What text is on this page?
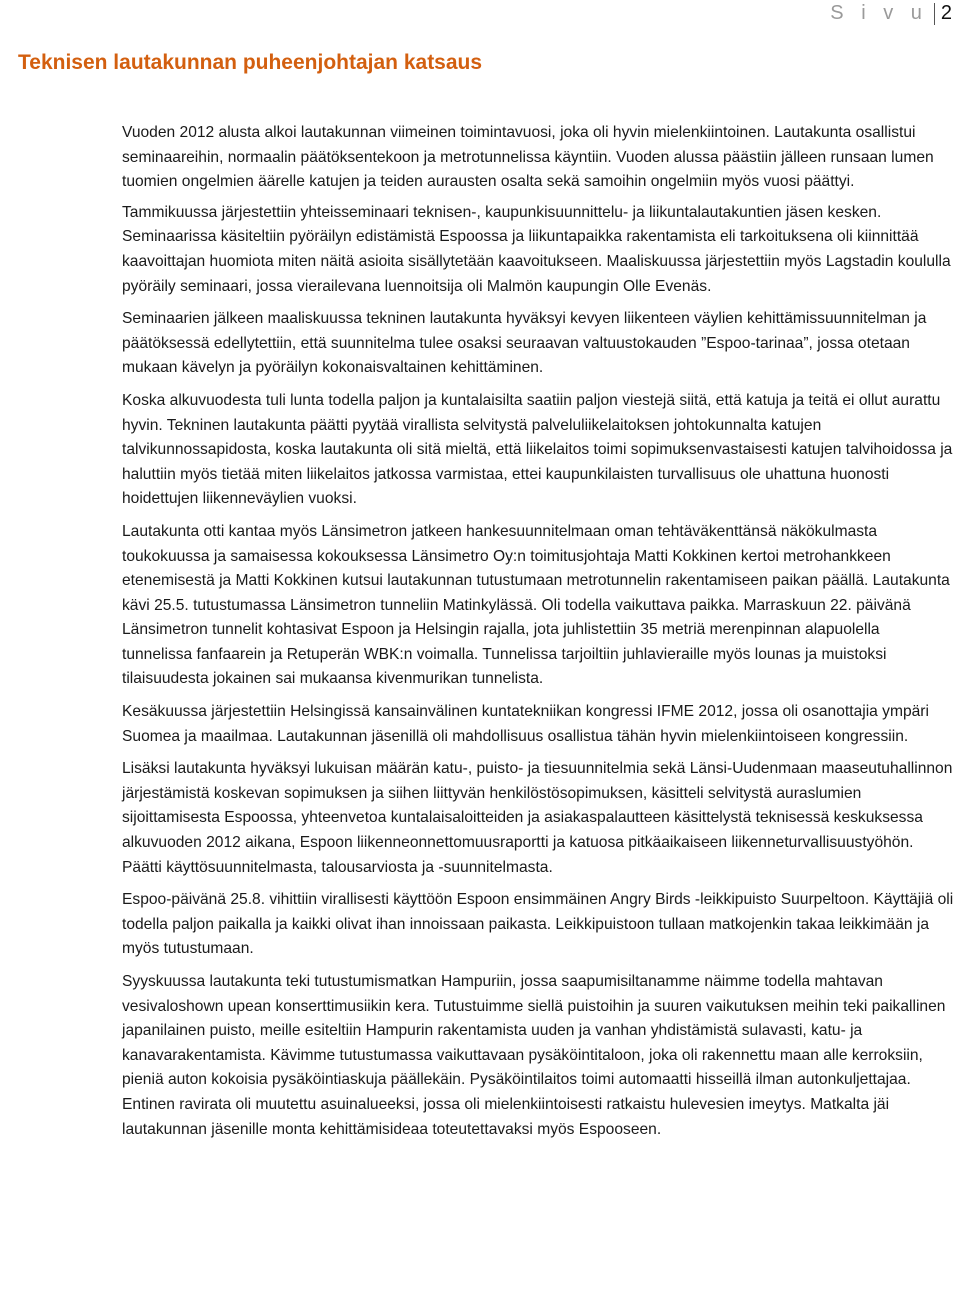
S i v u 2
Teknisen lautakunnan puheenjohtajan katsaus

Vuoden 2012 alusta alkoi lautakunnan viimeinen toimintavuosi, joka oli hyvin mielenkiintoinen. Lautakunta osallistui seminaareihin, normaalin päätöksentekoon ja metrotunnelissa käyntiin. Vuoden alussa päästiin jälleen runsaan lumen tuomien ongelmien äärelle katujen ja teiden aurausten osalta sekä samoihin ongelmiin myös vuosi päättyi.

Tammikuussa järjestettiin yhteisseminaari teknisen-, kaupunkisuunnittelu- ja liikuntalautakuntien jäsen kesken. Seminaarissa käsiteltiin pyöräilyn edistämistä Espoossa ja liikuntapaikka rakentamista eli tarkoituksena oli kiinnittää kaavoittajan huomiota miten näitä asioita sisällytetään kaavoitukseen. Maaliskuussa järjestettiin myös Lagstadin koululla pyöräily seminaari, jossa vierailevana luennoitsija oli Malmön kaupungin Olle Evenäs.

Seminaarien jälkeen maaliskuussa tekninen lautakunta hyväksyi kevyen liikenteen väylien kehittämissuunnitelman ja päätöksessä edellytettiin, että suunnitelma tulee osaksi seuraavan valtuustokauden ”Espoo-tarinaa”, jossa otetaan mukaan kävelyn ja pyöräilyn kokonaisvaltainen kehittäminen.

Koska alkuvuodesta tuli lunta todella paljon ja kuntalaisilta saatiin paljon viestejä siitä, että katuja ja teitä ei ollut aurattu hyvin. Tekninen lautakunta päätti pyytää virallista selvitystä palveluliikelaitoksen johtokunnalta katujen talvikunnossapidosta, koska lautakunta oli sitä mieltä, että liikelaitos toimi sopimuksenvastaisesti katujen talvihoidossa ja haluttiin myös tietää miten liikelaitos jatkossa varmistaa, ettei kaupunkilaisten turvallisuus ole uhattuna huonosti hoidettujen liikenneväylien vuoksi.

Lautakunta otti kantaa myös Länsimetron jatkeen hankesuunnitelmaan oman tehtäväkenttänsä näkökulmasta toukokuussa ja samaisessa kokouksessa Länsimetro Oy:n toimitusjohtaja Matti Kokkinen kertoi metrohankkeen etenemisestä ja Matti Kokkinen kutsui lautakunnan tutustumaan metrotunnelin rakentamiseen paikan päällä. Lautakunta kävi 25.5. tutustumassa Länsimetron tunneliin Matinkylässä. Oli todella vaikuttava paikka. Marraskuun 22. päivänä Länsimetron tunnelit kohtasivat Espoon ja Helsingin rajalla, jota juhlistettiin 35 metriä merenpinnan alapuolella tunnelissa fanfaarein ja Retuperän WBK:n voimalla. Tunnelissa tarjoiltiin juhlavieraille myös lounas ja muistoksi tilaisuudesta jokainen sai mukaansa kivenmurikan tunnelista.

Kesäkuussa järjestettiin Helsingissä kansainvälinen kuntatekniikan kongressi IFME 2012, jossa oli osanottajia ympäri Suomea ja maailmaa. Lautakunnan jäsenillä oli mahdollisuus osallistua tähän hyvin mielenkiintoiseen kongressiin.

Lisäksi lautakunta hyväksyi lukuisan määrän katu-, puisto- ja tiesuunnitelmia sekä Länsi-Uudenmaan maaseutuhallinnon järjestämistä koskevan sopimuksen ja siihen liittyvän henkilöstösopimuksen, käsitteli selvitystä auraslumien sijoittamisesta Espoossa, yhteenvetoa kuntalaisaloitteiden ja asiakaspalautteen käsittelystä teknisessä keskuksessa alkuvuoden 2012 aikana, Espoon liikenneonnettomuusraportti ja katuosa pitkäaikaiseen liikenneturvallisuustyöhön. Päätti käyttösuunnitelmasta, talousarviosta ja -suunnitelmasta.

Espoo-päivänä 25.8. vihittiin virallisesti käyttöön Espoon ensimmäinen Angry Birds -leikkipuisto Suurpeltoon. Käyttäjiä oli todella paljon paikalla ja kaikki olivat ihan innoissaan paikasta. Leikkipuistoon tullaan matkojenkin takaa leikkimään ja myös tutustumaan.

Syyskuussa lautakunta teki tutustumismatkan Hampuriin, jossa saapumisiltanamme näimme todella mahtavan vesivaloshown upean konserttimusiikin kera. Tutustuimme siellä puistoihin ja suuren vaikutuksen meihin teki paikallinen japanilainen puisto, meille esiteltiin Hampurin rakentamista uuden ja vanhan yhdistämistä sulavasti, katu- ja kanavarakentamista. Kävimme tutustumassa vaikuttavaan pysäköintitaloon, joka oli rakennettu maan alle kerroksiin, pieniä auton kokoisia pysäköintiaskuja päällekäin. Pysäköintilaitos toimi automaatti hisseillä ilman autonkuljettajaa. Entinen ravirata oli muutettu asuinalueeksi, jossa oli mielenkiintoisesti ratkaistu hulevesien imeytys. Matkalta jäi lautakunnan jäsenille monta kehittämisideaa toteutettavaksi myös Espooseen.
